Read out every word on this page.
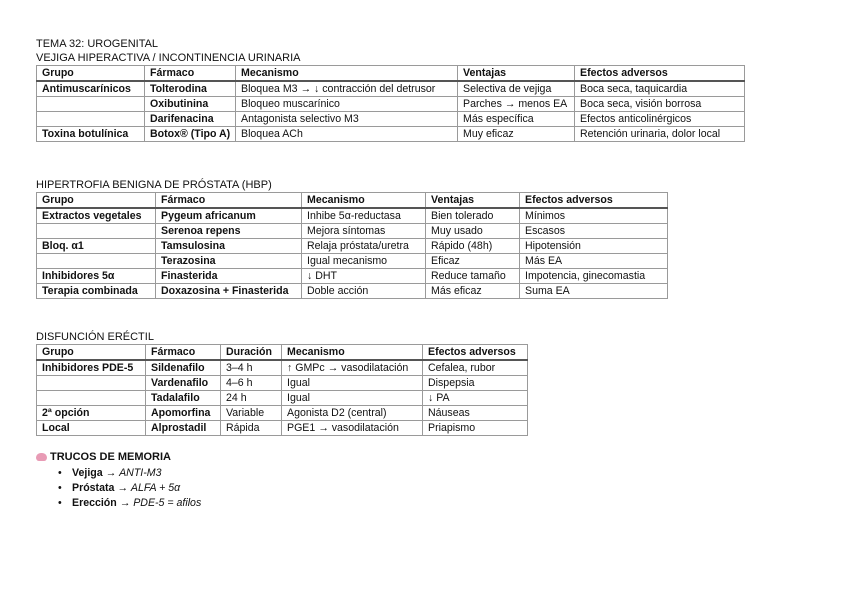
TEMA 32: UROGENITAL
VEJIGA HIPERACTIVA / INCONTINENCIA URINARIA
Grupo	Fármaco	Mecanismo	Ventajas	Efectos adversos
Antimuscarínicos	Tolterodina	Bloquea M3 → ↓ contracción del detrusor	Selectiva de vejiga	Boca seca, taquicardia
	Oxibutinina	Bloqueo muscarínico	Parches → menos EA	Boca seca, visión borrosa
	Darifenacina	Antagonista selectivo M3	Más específica	Efectos anticolinérgicos
Toxina botulínica	Botox® (Tipo A)	Bloquea ACh	Muy eficaz	Retención urinaria, dolor local
HIPERTROFIA BENIGNA DE PRÓSTATA (HBP)
Grupo	Fármaco	Mecanismo	Ventajas	Efectos adversos
Extractos vegetales	Pygeum africanum	Inhibe 5α-reductasa	Bien tolerado	Mínimos
	Serenoa repens	Mejora síntomas	Muy usado	Escasos
Bloq. α1	Tamsulosina	Relaja próstata/uretra	Rápido (48h)	Hipotensión
	Terazosina	Igual mecanismo	Eficaz	Más EA
Inhibidores 5α	Finasterida	↓ DHT	Reduce tamaño	Impotencia, ginecomastia
Terapia combinada	Doxazosina + Finasterida	Doble acción	Más eficaz	Suma EA
DISFUNCIÓN ERÉCTIL
Grupo	Fármaco	Duración	Mecanismo	Efectos adversos
Inhibidores PDE-5	Sildenafilo	3–4 h	↑ GMPc → vasodilatación	Cefalea, rubor
	Vardenafilo	4–6 h	Igual	Dispepsia
	Tadalafilo	24 h	Igual	↓ PA
2ª opción	Apomorfina	Variable	Agonista D2 (central)	Náuseas
Local	Alprostadil	Rápida	PGE1 → vasodilatación	Priapismo
TRUCOS DE MEMORIA
• Vejiga → ANTI-M3
• Próstata → ALFA + 5α
• Erección → PDE-5 = afilos
